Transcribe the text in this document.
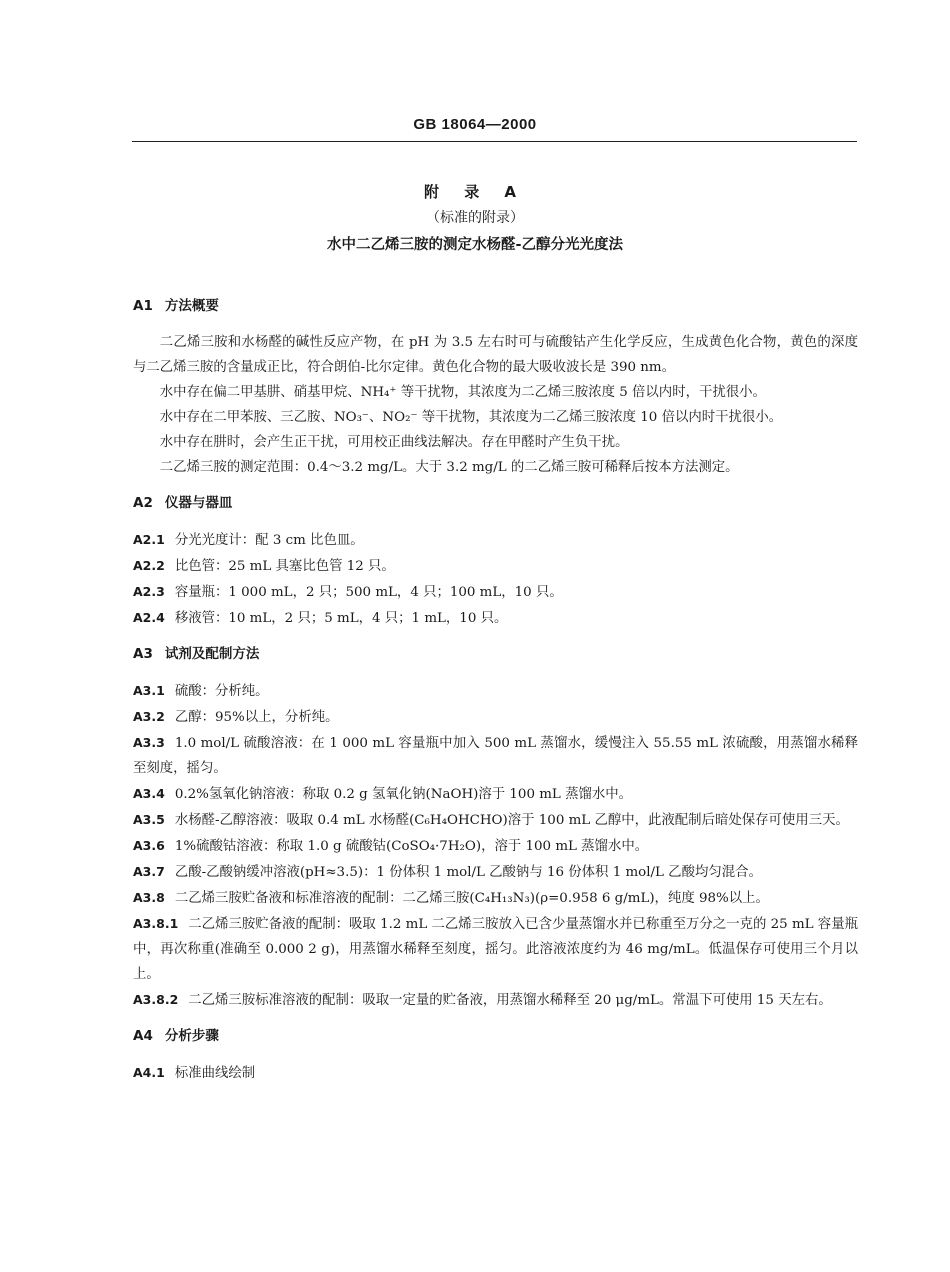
GB 18064—2000
附 录 A
（标准的附录）
水中二乙烯三胺的测定水杨醛-乙醇分光光度法
A1 方法概要

二乙烯三胺和水杨醛的碱性反应产物，在 pH 为 3.5 左右时可与硫酸钴产生化学反应，生成黄色化合物，黄色的深度与二乙烯三胺的含量成正比，符合朗伯-比尔定律。黄色化合物的最大吸收波长是 390 nm。

水中存在偏二甲基肼、硝基甲烷、NH₄⁺ 等干扰物，其浓度为二乙烯三胺浓度 5 倍以内时，干扰很小。

水中存在二甲苯胺、三乙胺、NO₃⁻、NO₂⁻ 等干扰物，其浓度为二乙烯三胺浓度 10 倍以内时干扰很小。

水中存在肼时，会产生正干扰，可用校正曲线法解决。存在甲醛时产生负干扰。

二乙烯三胺的测定范围：0.4～3.2 mg/L。大于 3.2 mg/L 的二乙烯三胺可稀释后按本方法测定。

A2 仪器与器皿

A2.1 分光光度计：配 3 cm 比色皿。

A2.2 比色管：25 mL 具塞比色管 12 只。

A2.3 容量瓶：1 000 mL，2 只；500 mL，4 只；100 mL，10 只。

A2.4 移液管：10 mL，2 只；5 mL，4 只；1 mL，10 只。

A3 试剂及配制方法

A3.1 硫酸：分析纯。

A3.2 乙醇：95%以上，分析纯。

A3.3 1.0 mol/L 硫酸溶液：在 1 000 mL 容量瓶中加入 500 mL 蒸馏水，缓慢注入 55.55 mL 浓硫酸，用蒸馏水稀释至刻度，摇匀。

A3.4 0.2%氢氧化钠溶液：称取 0.2 g 氢氧化钠(NaOH)溶于 100 mL 蒸馏水中。

A3.5 水杨醛-乙醇溶液：吸取 0.4 mL 水杨醛(C₆H₄OHCHO)溶于 100 mL 乙醇中，此液配制后暗处保存可使用三天。

A3.6 1%硫酸钴溶液：称取 1.0 g 硫酸钴(CoSO₄·7H₂O)，溶于 100 mL 蒸馏水中。

A3.7 乙酸-乙酸钠缓冲溶液(pH≈3.5)：1 份体积 1 mol/L 乙酸钠与 16 份体积 1 mol/L 乙酸均匀混合。

A3.8 二乙烯三胺贮备液和标准溶液的配制：二乙烯三胺(C₄H₁₃N₃)(ρ=0.958 6 g/mL)，纯度 98%以上。

A3.8.1 二乙烯三胺贮备液的配制：吸取 1.2 mL 二乙烯三胺放入已含少量蒸馏水并已称重至万分之一克的 25 mL 容量瓶中，再次称重(准确至 0.000 2 g)，用蒸馏水稀释至刻度，摇匀。此溶液浓度约为 46 mg/mL。低温保存可使用三个月以上。

A3.8.2 二乙烯三胺标准溶液的配制：吸取一定量的贮备液，用蒸馏水稀释至 20 μg/mL。常温下可使用 15 天左右。

A4 分析步骤

A4.1 标准曲线绘制
